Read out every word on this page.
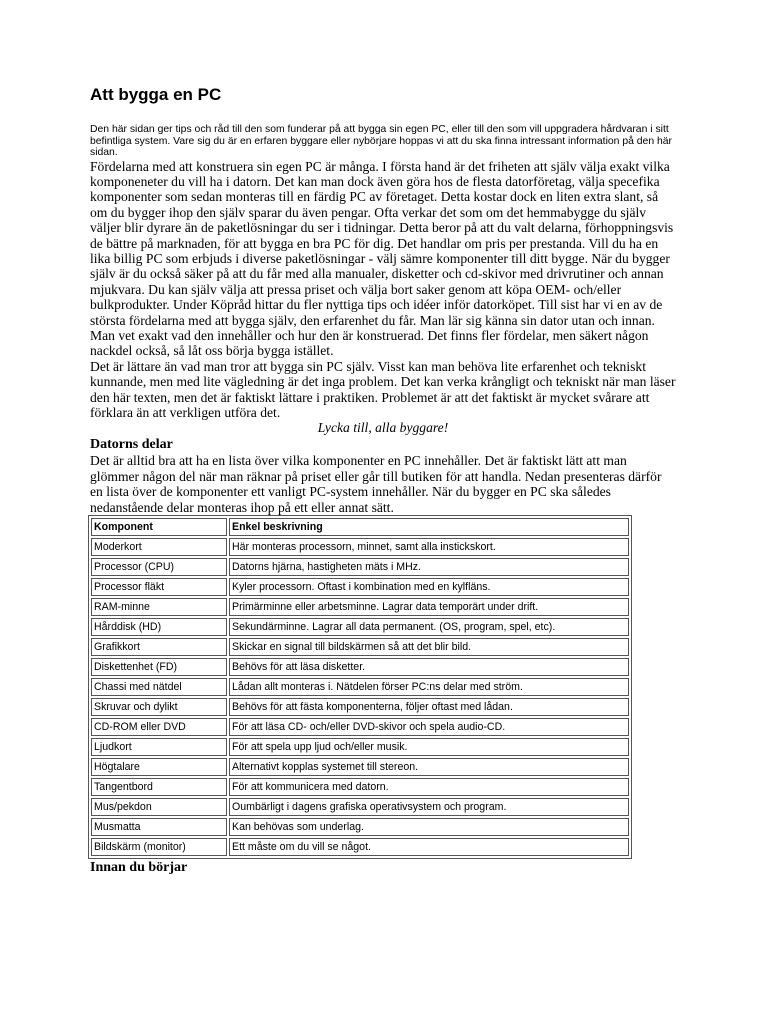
Att bygga en PC

Den här sidan ger tips och råd till den som funderar på att bygga sin egen PC, eller till den som vill uppgradera hårdvaran i sitt befintliga system. Vare sig du är en erfaren byggare eller nybörjare hoppas vi att du ska finna intressant information på den här sidan.

Fördelarna med att konstruera sin egen PC är många. I första hand är det friheten att själv välja exakt vilka komponeneter du vill ha i datorn. Det kan man dock även göra hos de flesta datorföretag, välja specefika komponenter som sedan monteras till en färdig PC av företaget. Detta kostar dock en liten extra slant, så om du bygger ihop den själv sparar du även pengar. Ofta verkar det som om det hemmabygge du själv väljer blir dyrare än de paketlösningar du ser i tidningar. Detta beror på att du valt delarna, förhoppningsvis de bättre på marknaden, för att bygga en bra PC för dig. Det handlar om pris per prestanda. Vill du ha en lika billig PC som erbjuds i diverse paketlösningar - välj sämre komponenter till ditt bygge. När du bygger själv är du också säker på att du får med alla manualer, disketter och cd-skivor med drivrutiner och annan mjukvara. Du kan själv välja att pressa priset och välja bort saker genom att köpa OEM- och/eller bulkprodukter. Under Köpråd hittar du fler nyttiga tips och idéer inför datorköpet. Till sist har vi en av de största fördelarna med att bygga själv, den erfarenhet du får. Man lär sig känna sin dator utan och innan. Man vet exakt vad den innehåller och hur den är konstruerad. Det finns fler fördelar, men säkert någon nackdel också, så låt oss börja bygga istället.

Det är lättare än vad man tror att bygga sin PC själv. Visst kan man behöva lite erfarenhet och tekniskt kunnande, men med lite vägledning är det inga problem. Det kan verka krångligt och tekniskt när man läser den här texten, men det är faktiskt lättare i praktiken. Problemet är att det faktiskt är mycket svårare att förklara än att verkligen utföra det.

Lycka till, alla byggare!

Datorns delar

Det är alltid bra att ha en lista över vilka komponenter en PC innehåller. Det är faktiskt lätt att man glömmer någon del när man räknar på priset eller går till butiken för att handla. Nedan presenteras därför en lista över de komponenter ett vanligt PC-system innehåller. När du bygger en PC ska således nedanstående delar monteras ihop på ett eller annat sätt.

Komponent	Enkel beskrivning
Moderkort	Här monteras processorn, minnet, samt alla instickskort.
Processor (CPU)	Datorns hjärna, hastigheten mäts i MHz.
Processor fläkt	Kyler processorn. Oftast i kombination med en kylfläns.
RAM-minne	Primärminne eller arbetsminne. Lagrar data temporärt under drift.
Hårddisk (HD)	Sekundärminne. Lagrar all data permanent. (OS, program, spel, etc).
Grafikkort	Skickar en signal till bildskärmen så att det blir bild.
Diskettenhet (FD)	Behövs för att läsa disketter.
Chassi med nätdel	Lådan allt monteras i. Nätdelen förser PC:ns delar med ström.
Skruvar och dylikt	Behövs för att fästa komponenterna, följer oftast med lådan.
CD-ROM eller DVD	För att läsa CD- och/eller DVD-skivor och spela audio-CD.
Ljudkort	För att spela upp ljud och/eller musik.
Högtalare	Alternativt kopplas systemet till stereon.
Tangentbord	För att kommunicera med datorn.
Mus/pekdon	Oumbärligt i dagens grafiska operativsystem och program.
Musmatta	Kan behövas som underlag.
Bildskärm (monitor)	Ett måste om du vill se något.
Innan du börjar
